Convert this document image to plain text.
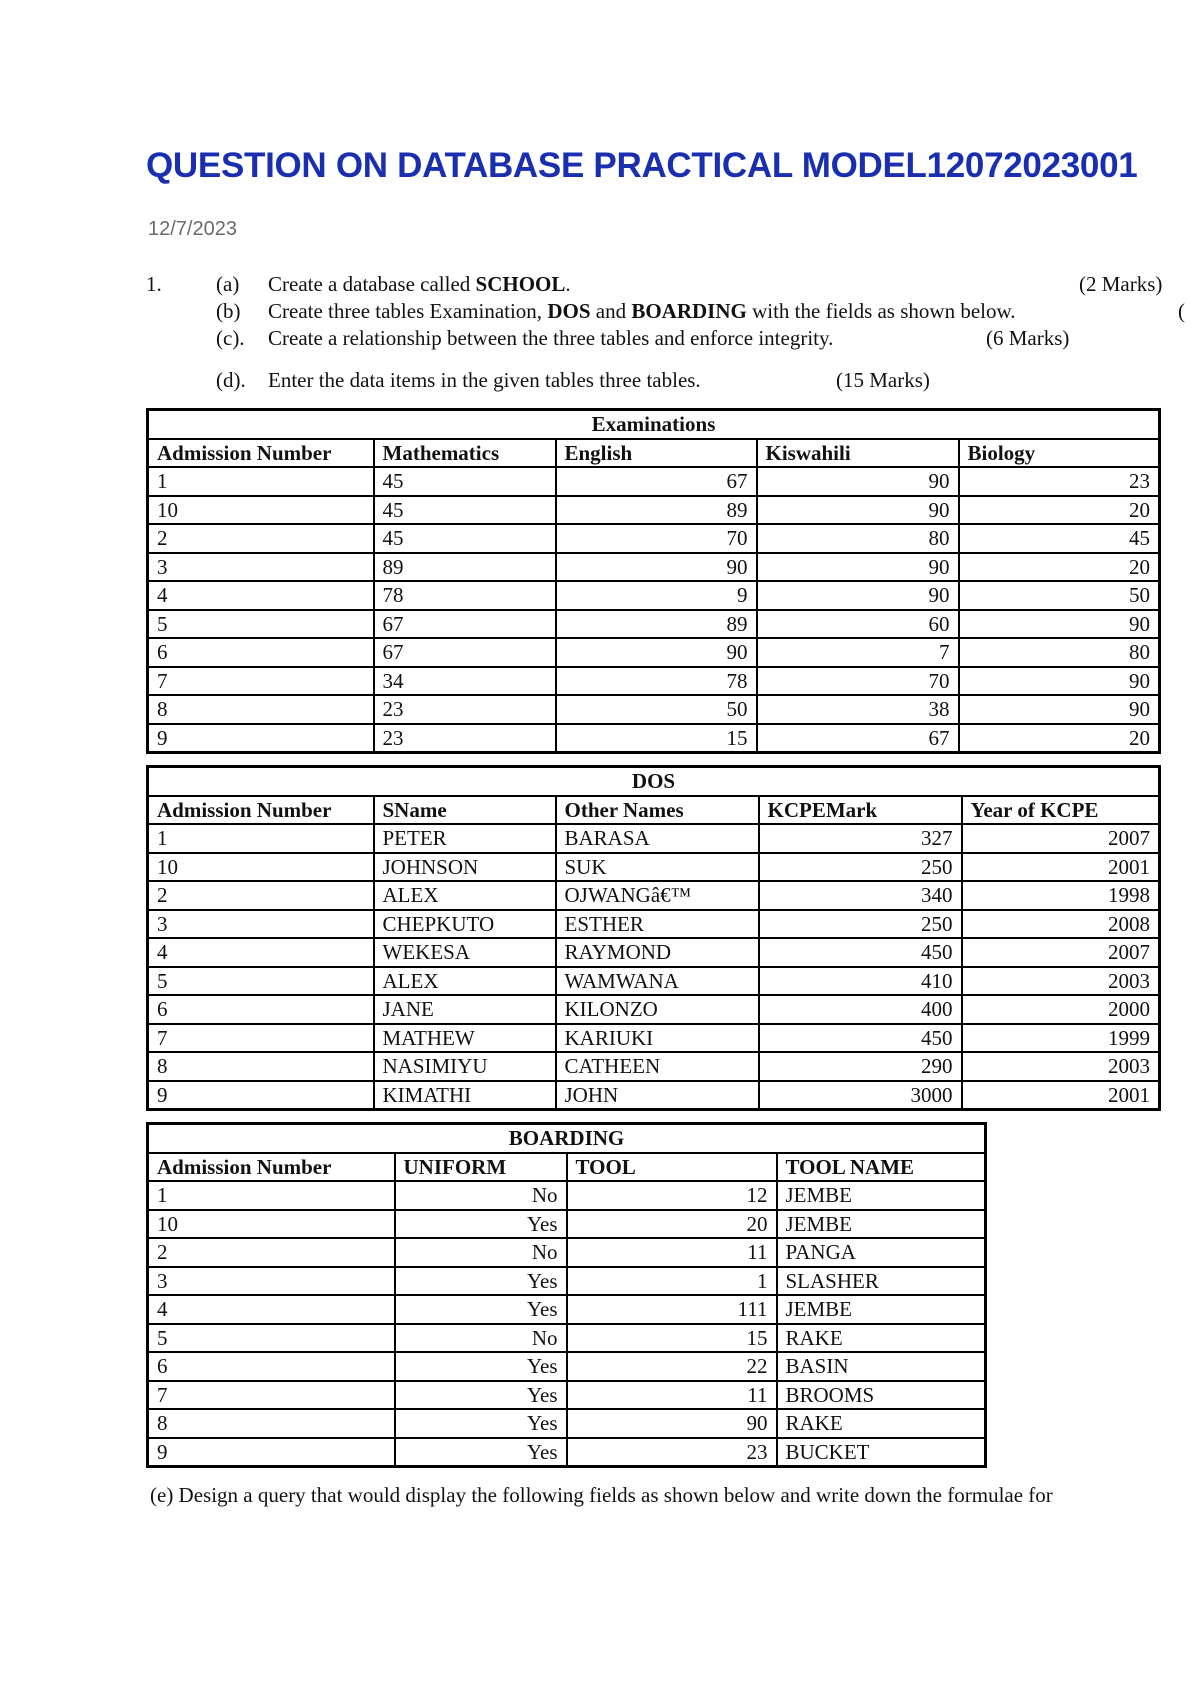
QUESTION ON DATABASE PRACTICAL MODEL12072023001
12/7/2023
1.	(a) Create a database called SCHOOL.	(2 Marks)
(b) Create three tables Examination, DOS and BOARDING with the fields as shown below.	(
(c). Create a relationship between the three tables and enforce integrity.	(6 Marks)
(d). Enter the data items in the given tables three tables.	(15 Marks)
Examinations				
Admission Number	Mathematics	English	Kiswahili	Biology
1	45	67	90	23
10	45	89	90	20
2	45	70	80	45
3	89	90	90	20
4	78	9	90	50
5	67	89	60	90
6	67	90	7	80
7	34	78	70	90
8	23	50	38	90
9	23	15	67	20
DOS				
Admission Number	SName	Other Names	KCPEMark	Year of KCPE
1	PETER	BARASA	327	2007
10	JOHNSON	SUK	250	2001
2	ALEX	OJWANGâ€™	340	1998
3	CHEPKUTO	ESTHER	250	2008
4	WEKESA	RAYMOND	450	2007
5	ALEX	WAMWANA	410	2003
6	JANE	KILONZO	400	2000
7	MATHEW	KARIUKI	450	1999
8	NASIMIYU	CATHEEN	290	2003
9	KIMATHI	JOHN	3000	2001
BOARDING			
Admission Number	UNIFORM	TOOL	TOOL NAME
1	No	12	JEMBE
10	Yes	20	JEMBE
2	No	11	PANGA
3	Yes	1	SLASHER
4	Yes	111	JEMBE
5	No	15	RAKE
6	Yes	22	BASIN
7	Yes	11	BROOMS
8	Yes	90	RAKE
9	Yes	23	BUCKET
(e) Design a query that would display the following fields as shown below and write down the formulae for
